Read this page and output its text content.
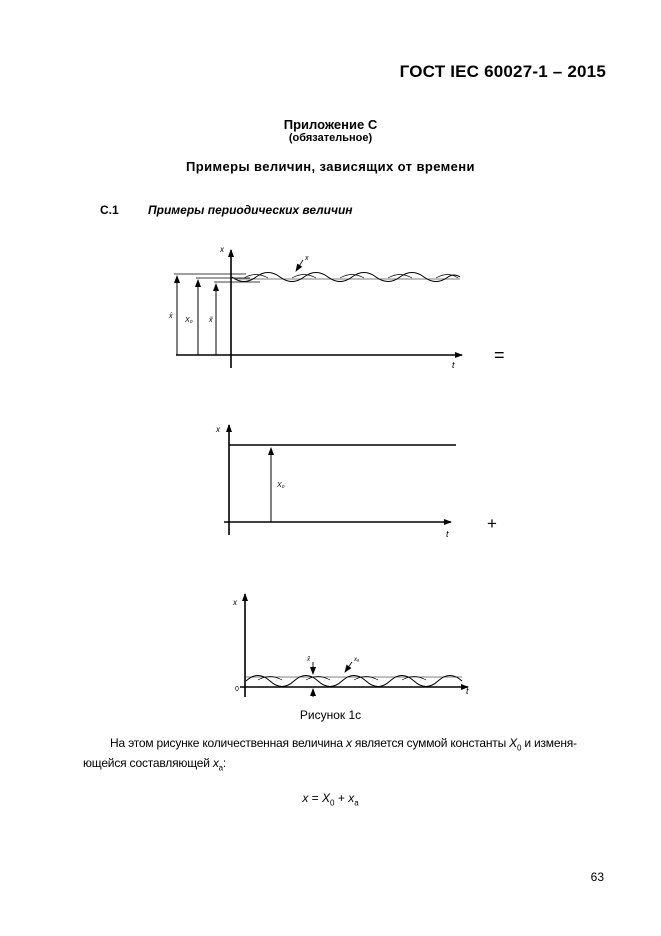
ГОСТ IEC 60027-1 – 2015
Приложение С
(обязательное)
Примеры величин, зависящих от времени
С.1 Примеры периодических величин
x
t
x
x̂
X₀ x̃
=
x
t
X₀
+
x
t
0
x̃	xₐ
Рисунок 1с
На этом рисунке количественная величина x является суммой константы $X_0$ и изменя-
ющейся составляющей $x_a$:
$x = X_0 + x_a$
63
